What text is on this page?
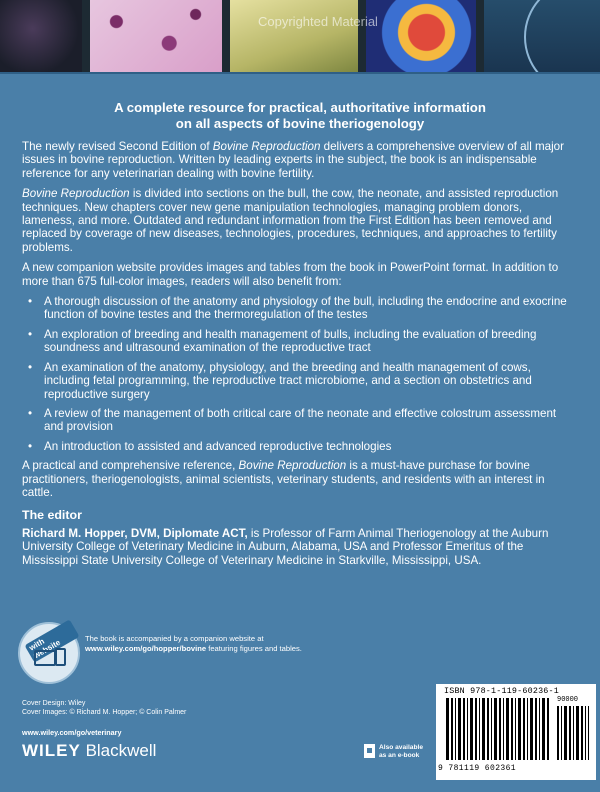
Copyrighted Material
A complete resource for practical, authoritative information
on all aspects of bovine theriogenology

The newly revised Second Edition of Bovine Reproduction delivers a comprehensive overview of all major issues in bovine reproduction. Written by leading experts in the subject, the book is an indispensable reference for any veterinarian dealing with bovine fertility.

Bovine Reproduction is divided into sections on the bull, the cow, the neonate, and assisted reproduction techniques. New chapters cover new gene manipulation technologies, managing problem donors, lameness, and more. Outdated and redundant information from the First Edition has been removed and replaced by coverage of new diseases, technologies, procedures, techniques, and approaches to fertility problems.

A new companion website provides images and tables from the book in PowerPoint format. In addition to more than 675 full-color images, readers will also benefit from:

• A thorough discussion of the anatomy and physiology of the bull, including the endocrine and exocrine function of bovine testes and the thermoregulation of the testes
• An exploration of breeding and health management of bulls, including the evaluation of breeding soundness and ultrasound examination of the reproductive tract
• An examination of the anatomy, physiology, and the breeding and health management of cows, including fetal programming, the reproductive tract microbiome, and a section on obstetrics and reproductive surgery
• A review of the management of both critical care of the neonate and effective colostrum assessment and provision
• An introduction to assisted and advanced reproductive technologies

A practical and comprehensive reference, Bovine Reproduction is a must-have purchase for bovine practitioners, theriogenologists, animal scientists, veterinary students, and residents with an interest in cattle.

The editor

Richard M. Hopper, DVM, Diplomate ACT, is Professor of Farm Animal Theriogenology at the Auburn University College of Veterinary Medicine in Auburn, Alabama, USA and Professor Emeritus of the Mississippi State University College of Veterinary Medicine in Starkville, Mississippi, USA.

with website	The book is accompanied by a companion website at
www.wiley.com/go/hopper/bovine featuring figures and tables.
Cover Design: Wiley
Cover Images: © Richard M. Hopper; © Colin Palmer
www.wiley.com/go/veterinary
WILEY Blackwell	Also available
as an e-book
ISBN 978-1-119-60236-1
90000
9 781119 602361
